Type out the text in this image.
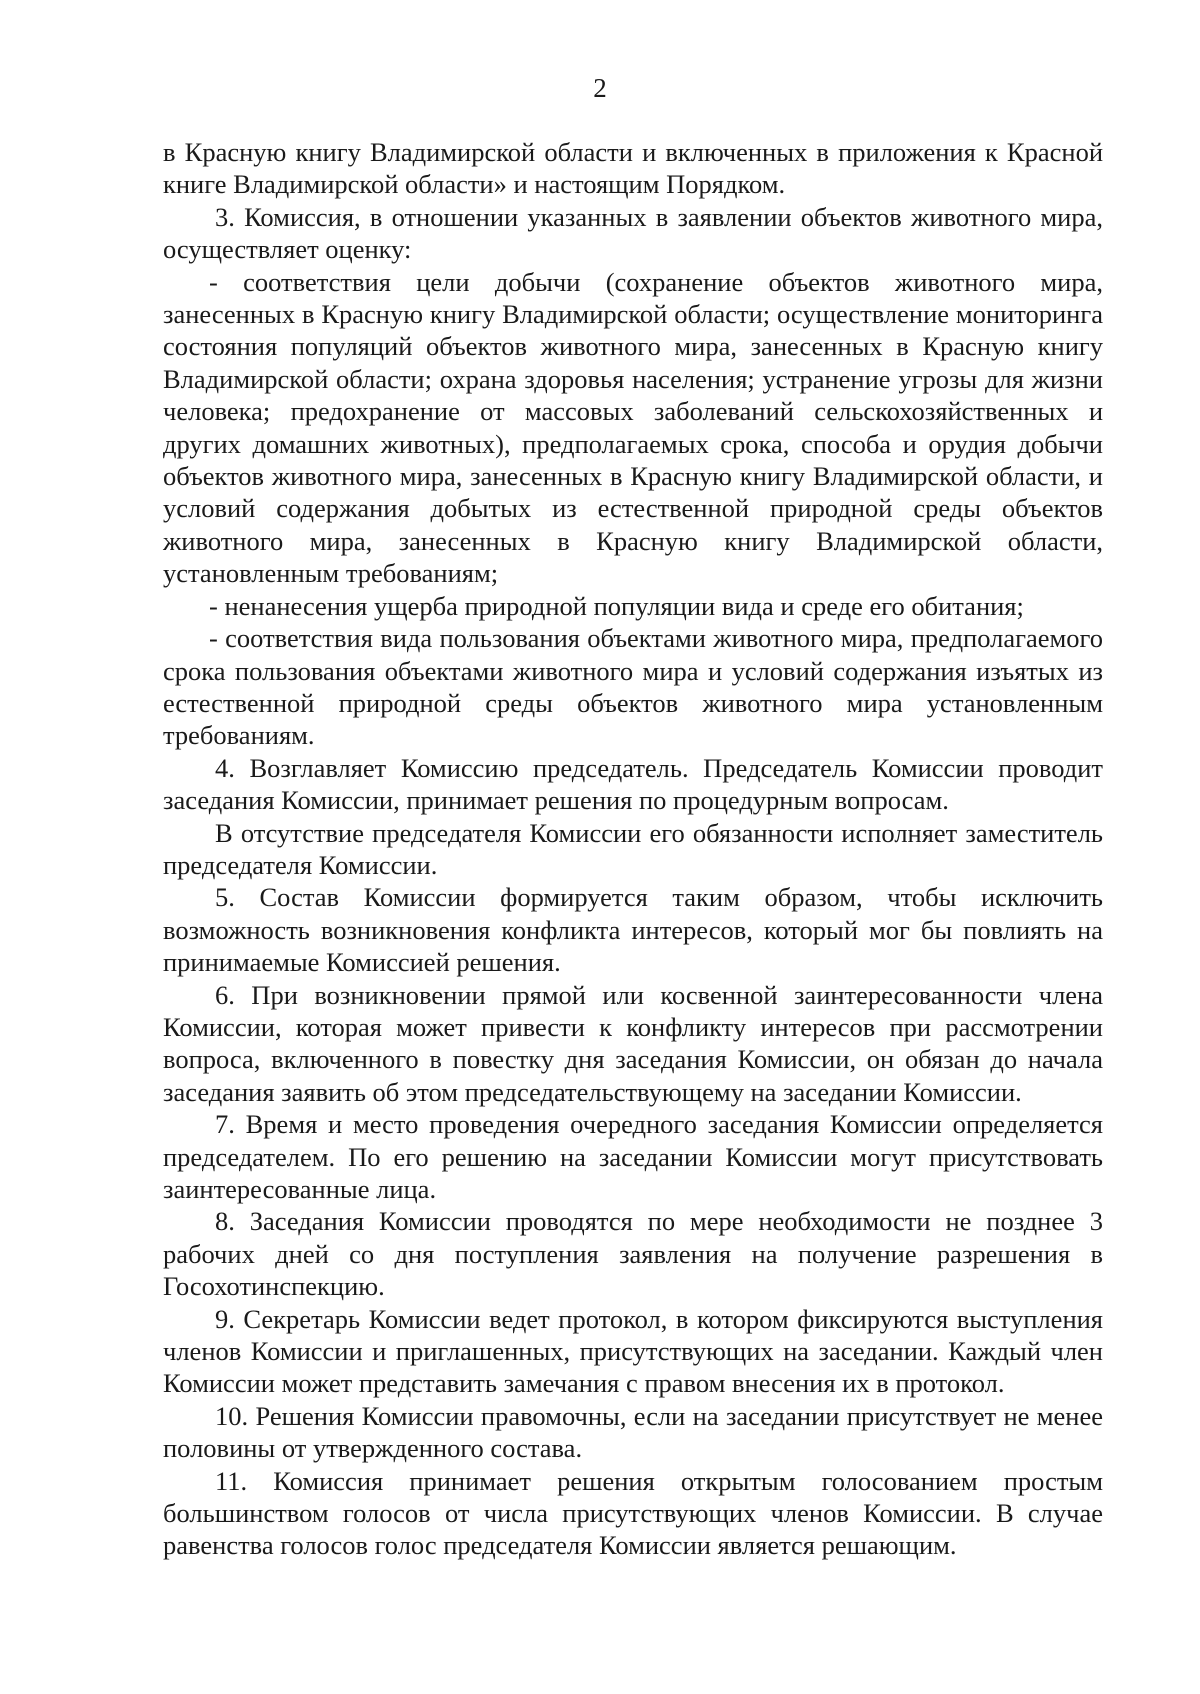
2

в Красную книгу Владимирской области и включенных в приложения к Красной книге Владимирской области» и настоящим Порядком.

3. Комиссия, в отношении указанных в заявлении объектов животного мира, осуществляет оценку:

- соответствия цели добычи (сохранение объектов животного мира, занесенных в Красную книгу Владимирской области; осуществление мониторинга состояния популяций объектов животного мира, занесенных в Красную книгу Владимирской области; охрана здоровья населения; устранение угрозы для жизни человека; предохранение от массовых заболеваний сельскохозяйственных и других домашних животных), предполагаемых срока, способа и орудия добычи объектов животного мира, занесенных в Красную книгу Владимирской области, и условий содержания добытых из естественной природной среды объектов животного мира, занесенных в Красную книгу Владимирской области, установленным требованиям;

- ненанесения ущерба природной популяции вида и среде его обитания;

- соответствия вида пользования объектами животного мира, предполагаемого срока пользования объектами животного мира и условий содержания изъятых из естественной природной среды объектов животного мира установленным требованиям.

4. Возглавляет Комиссию председатель. Председатель Комиссии проводит заседания Комиссии, принимает решения по процедурным вопросам.

В отсутствие председателя Комиссии его обязанности исполняет заместитель председателя Комиссии.

5. Состав Комиссии формируется таким образом, чтобы исключить возможность возникновения конфликта интересов, который мог бы повлиять на принимаемые Комиссией решения.

6. При возникновении прямой или косвенной заинтересованности члена Комиссии, которая может привести к конфликту интересов при рассмотрении вопроса, включенного в повестку дня заседания Комиссии, он обязан до начала заседания заявить об этом председательствующему на заседании Комиссии.

7. Время и место проведения очередного заседания Комиссии определяется председателем. По его решению на заседании Комиссии могут присутствовать заинтересованные лица.

8. Заседания Комиссии проводятся по мере необходимости не позднее 3 рабочих дней со дня поступления заявления на получение разрешения в Госохотинспекцию.

9. Секретарь Комиссии ведет протокол, в котором фиксируются выступления членов Комиссии и приглашенных, присутствующих на заседании. Каждый член Комиссии может представить замечания с правом внесения их в протокол.

10. Решения Комиссии правомочны, если на заседании присутствует не менее половины от утвержденного состава.

11. Комиссия принимает решения открытым голосованием простым большинством голосов от числа присутствующих членов Комиссии. В случае равенства голосов голос председателя Комиссии является решающим.
